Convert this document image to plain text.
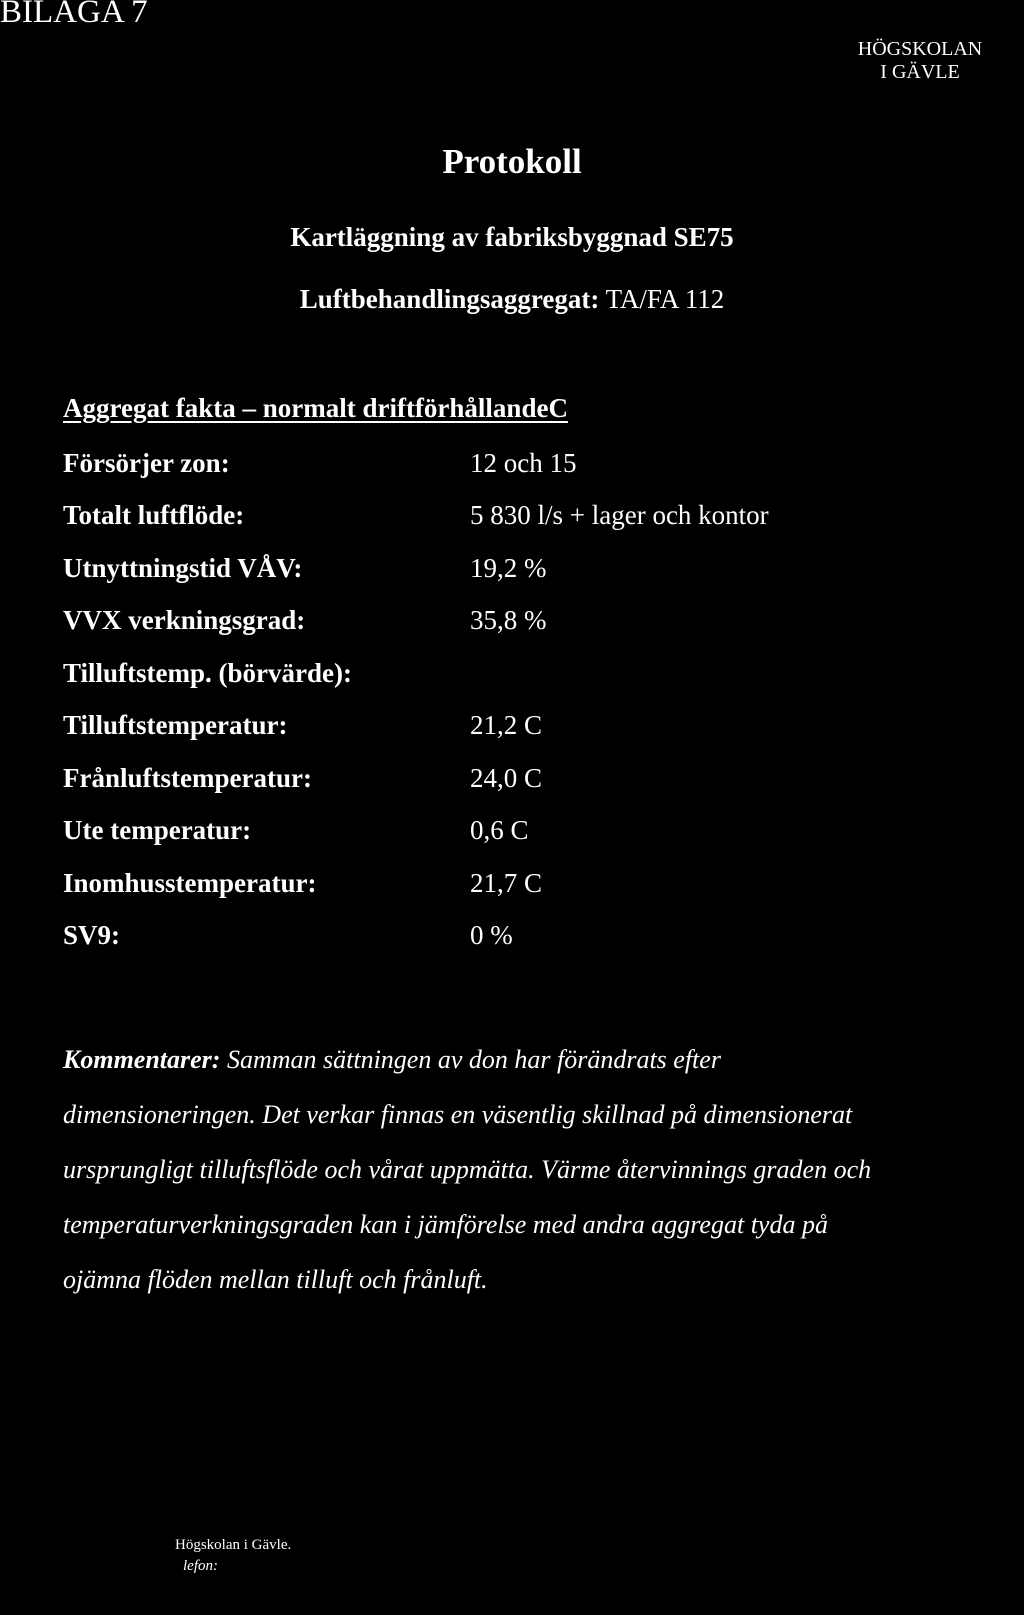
BILAGA 7
HÖGSKOLAN
I GÄVLE
Protokoll
Kartläggning av fabriksbyggnad SE75
Luftbehandlingsaggregat: TA/FA 112
Aggregat fakta – normalt driftförhållandeC
Försörjer zon:	12 och 15
Totalt luftflöde:	5 830 l/s + lager och kontor
Utnyttningstid VÅV:	19,2 %
VVX verkningsgrad:	35,8 %
Tilluftstemp. (börvärde):
Tilluftstemperatur:	21,2 C
Frånluftstemperatur:	24,0 C
Ute temperatur:	0,6 C
Inomhusstemperatur:	21,7 C
SV9:	0 %
Kommentarer: Samman sättningen av don har förändrats efter
dimensioneringen. Det verkar finnas en väsentlig skillnad på dimensionerat
ursprungligt tilluftsflöde och vårat uppmätta. Värme återvinnings graden och
temperaturverkningsgraden kan i jämförelse med andra aggregat tyda på
ojämna flöden mellan tilluft och frånluft.
Högskolan i Gävle.
lefon:
